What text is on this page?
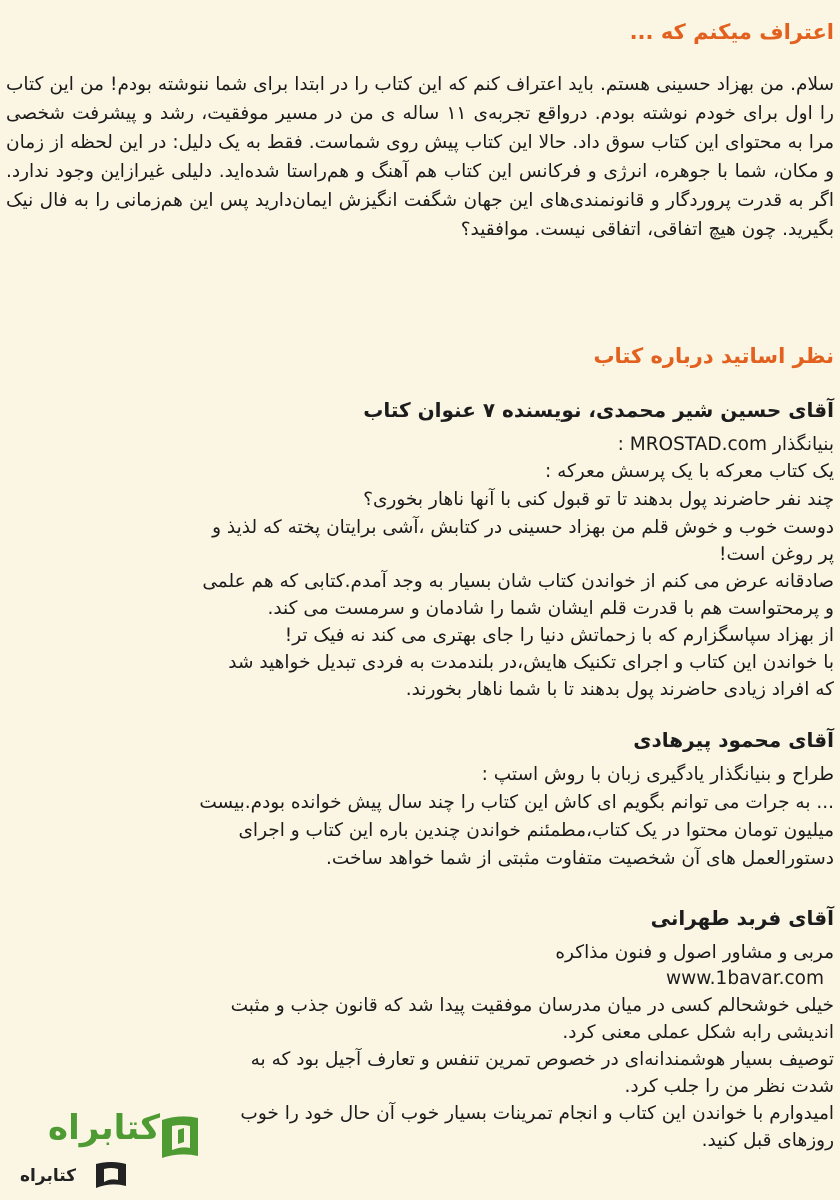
اعتراف میکنم که ...

سلام. من بهزاد حسینی هستم. باید اعتراف کنم که این کتاب را در ابتدا برای شما ننوشته بودم! من این کتاب را اول برای خودم نوشته بودم. درواقع تجربه‌ی ۱۱ ساله ی من در مسیر موفقیت، رشد و پیشرفت شخصی مرا به محتوای این کتاب سوق داد. حالا این کتاب پیش روی شماست. فقط به یک دلیل: در این لحظه از زمان و مکان، شما با جوهره، انرژی و فرکانس این کتاب هم آهنگ و هم‌راستا شده‌اید. دلیلی غیرازاین وجود ندارد. اگر به قدرت پروردگار و قانونمندی‌های این جهان شگفت انگیزش ایمان‌دارید پس این هم‌زمانی را به فال نیک بگیرید. چون هیچ اتفاقی، اتفاقی نیست. موافقید؟

نظر اساتید درباره کتاب
آقای حسین شیر محمدی، نویسنده ۷ عنوان کتاب

بنیانگذار MROSTAD.com :

یک کتاب معرکه با یک پرسش معرکه :

چند نفر حاضرند پول بدهند تا تو قبول کنی با آنها ناهار بخوری؟

دوست خوب و خوش قلم من بهزاد حسینی در کتابش ،آشی برایتان پخته که لذیذ و

پر روغن است!

صادقانه عرض می کنم از خواندن کتاب شان بسیار به وجد آمدم.کتابی که هم علمی

و پرمحتواست هم با قدرت قلم ایشان شما را شادمان و سرمست می کند.

از بهزاد سپاسگزارم که با زحماتش دنیا را جای بهتری می کند نه فیک تر!

با خواندن این کتاب و اجرای تکنیک هایش،در بلندمدت به فردی تبدیل خواهید شد

که افراد زیادی حاضرند پول بدهند تا با شما ناهار بخورند.

آقای محمود پیرهادی

طراح و بنیانگذار یادگیری زبان با روش استپ :

... به جرات می توانم بگویم ای کاش این کتاب را چند سال پیش خوانده بودم.بیست

میلیون تومان محتوا در یک کتاب،مطمئنم خواندن چندین باره این کتاب و اجرای

دستورالعمل های آن شخصیت متفاوت مثبتی از شما خواهد ساخت.

آقای فربد طهرانی

مربی و مشاور اصول و فنون مذاکره

www.1bavar.com

خیلی خوشحالم کسی در میان مدرسان موفقیت پیدا شد که قانون جذب و مثبت

اندیشی رابه شکل عملی معنی کرد.

توصیف بسیار هوشمندانه‌ای در خصوص تمرین تنفس و تعارف آجیل بود که به

شدت نظر من را جلب کرد.

امیدوارم با خواندن این کتاب و انجام تمرینات بسیار خوب آن حال خود را خوب

روزهای قبل کنید.

کتابراه
کتابراه
